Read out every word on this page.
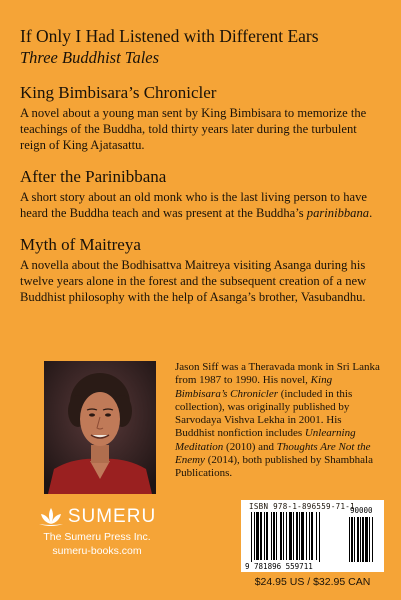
If Only I Had Listened with Different Ears

Three Buddhist Tales

King Bimbisara’s Chronicler

A novel about a young man sent by King Bimbisara to memorize the teachings of the Buddha, told thirty years later during the turbulent reign of King Ajatasattu.

After the Parinibbana

A short story about an old monk who is the last living person to have heard the Buddha teach and was present at the Buddha’s parinibbana.

Myth of Maitreya

A novella about the Bodhisattva Maitreya visiting Asanga during his twelve years alone in the forest and the subsequent creation of a new Buddhist philosophy with the help of Asanga’s brother, Vasubandhu.

Jason Siff was a Theravada monk in Sri Lanka from 1987 to 1990. His novel, King Bimbisara’s Chronicler (included in this collection), was originally published by Sarvodaya Vishva Lekha in 2001. His Buddhist nonfiction includes Unlearning Meditation (2010) and Thoughts Are Not the Enemy (2014), both published by Shambhala Publications.

SUMERU
The Sumeru Press Inc.
sumeru-books.com
ISBN 978-1-896559-71-1
9 781896 559711
90000
$24.95 US / $32.95 CAN
